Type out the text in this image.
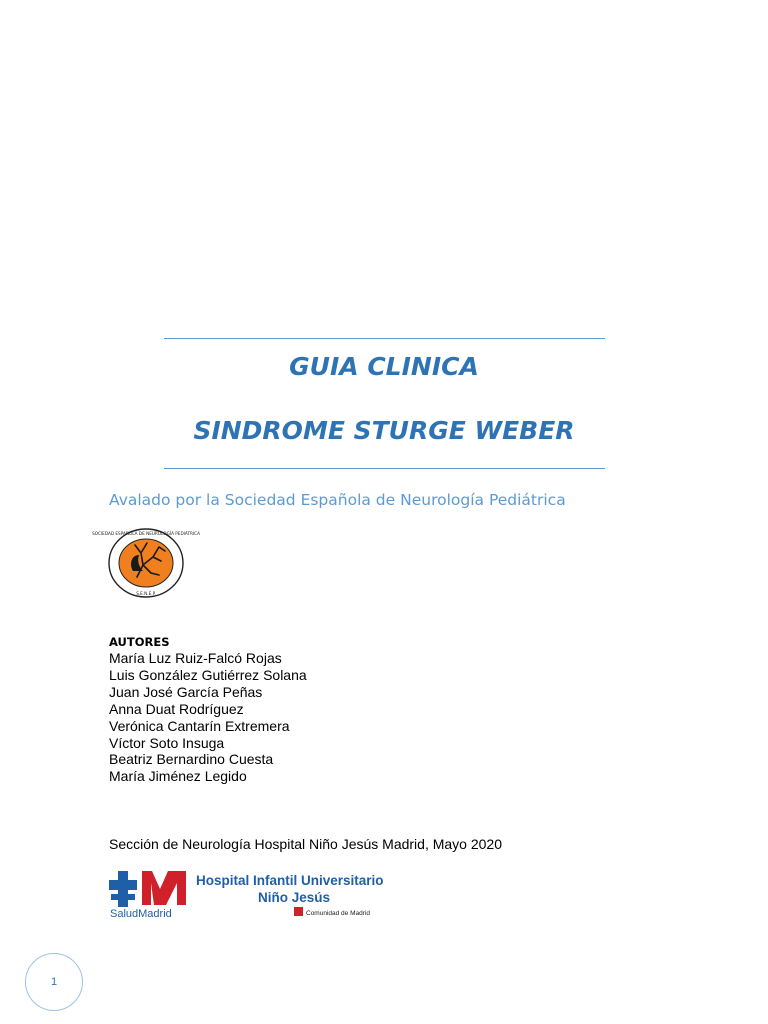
GUIA CLINICA
SINDROME STURGE WEBER

Avalado por la Sociedad Española de Neurología Pediátrica

SOCIEDAD ESPAÑOLA DE NEUROLOGÍA PEDIÁTRICA
S.E.N.E.P.

AUTORES

María Luz Ruiz-Falcó Rojas
Luis González Gutiérrez Solana
Juan José García Peñas
Anna Duat Rodríguez
Verónica Cantarín Extremera
Víctor Soto Insuga
Beatriz Bernardino Cuesta
María Jiménez Legido

Sección de Neurología Hospital Niño Jesús Madrid, Mayo 2020

SaludMadrid
Hospital Infantil Universitario
Niño Jesús
Comunidad de Madrid
1
